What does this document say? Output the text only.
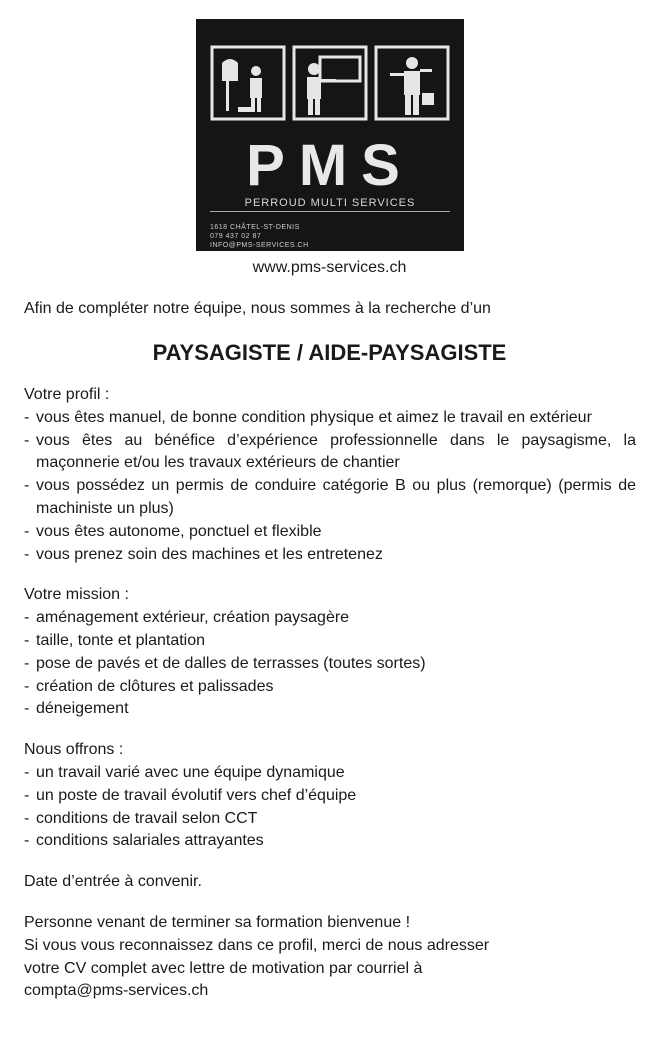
PMS
PERROUD MULTI SERVICES
1618 CHÂTEL-ST-DENIS
079 437 02 87
INFO@PMS-SERVICES.CH
www.pms-services.ch
Afin de compléter notre équipe, nous sommes à la recherche d’un
PAYSAGISTE / AIDE-PAYSAGISTE
Votre profil :
- vous êtes manuel, de bonne condition physique et aimez le travail en extérieur
- vous êtes au bénéfice d’expérience professionnelle dans le paysagisme, la maçonnerie et/ou les travaux extérieurs de chantier
- vous possédez un permis de conduire catégorie B ou plus (remorque) (permis de machiniste un plus)
- vous êtes autonome, ponctuel et flexible
- vous prenez soin des machines et les entretenez
Votre mission :
- aménagement extérieur, création paysagère
- taille, tonte et plantation
- pose de pavés et de dalles de terrasses (toutes sortes)
- création de clôtures et palissades
- déneigement
Nous offrons :
- un travail varié avec une équipe dynamique
- un poste de travail évolutif vers chef d’équipe
- conditions de travail selon CCT
- conditions salariales attrayantes
Date d’entrée à convenir.
Personne venant de terminer sa formation bienvenue !
Si vous vous reconnaissez dans ce profil, merci de nous adresser
votre CV complet avec lettre de motivation par courriel à
compta@pms-services.ch
